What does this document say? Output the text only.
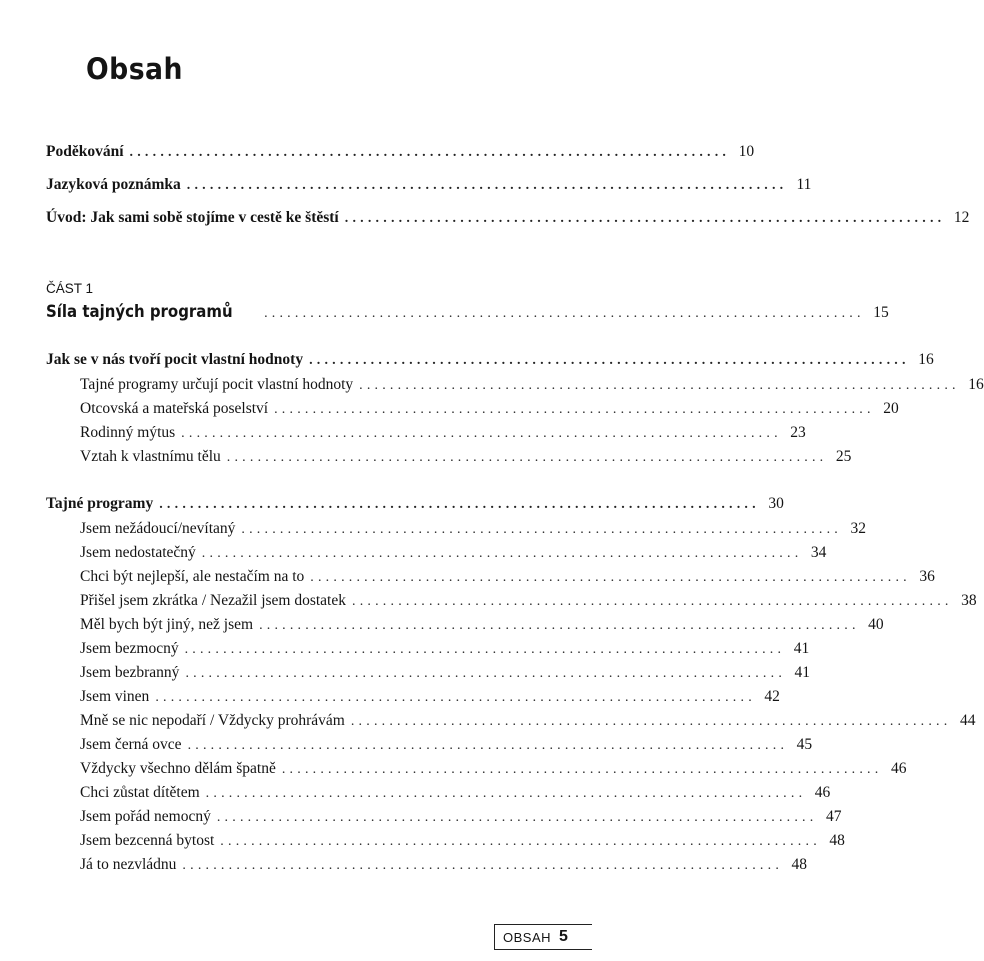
Obsah
Poděkování .............................................................................. 10
Jazyková poznámka .............................................................................. 11
Úvod: Jak sami sobě stojíme v cestě ke štěstí .............................................................................. 12
ČÁST 1
Síla tajných programů .............................................................................. 15
Jak se v nás tvoří pocit vlastní hodnoty .............................................................................. 16
Tajné programy určují pocit vlastní hodnoty .............................................................................. 16
Otcovská a mateřská poselství .............................................................................. 20
Rodinný mýtus .............................................................................. 23
Vztah k vlastnímu tělu .............................................................................. 25
Tajné programy .............................................................................. 30
Jsem nežádoucí/nevítaný .............................................................................. 32
Jsem nedostatečný .............................................................................. 34
Chci být nejlepší, ale nestačím na to .............................................................................. 36
Přišel jsem zkrátka / Nezažil jsem dostatek .............................................................................. 38
Měl bych být jiný, než jsem .............................................................................. 40
Jsem bezmocný .............................................................................. 41
Jsem bezbranný .............................................................................. 41
Jsem vinen .............................................................................. 42
Mně se nic nepodaří / Vždycky prohrávám .............................................................................. 44
Jsem černá ovce .............................................................................. 45
Vždycky všechno dělám špatně .............................................................................. 46
Chci zůstat dítětem .............................................................................. 46
Jsem pořád nemocný .............................................................................. 47
Jsem bezcenná bytost .............................................................................. 48
Já to nezvládnu .............................................................................. 48
OBSAH 5
